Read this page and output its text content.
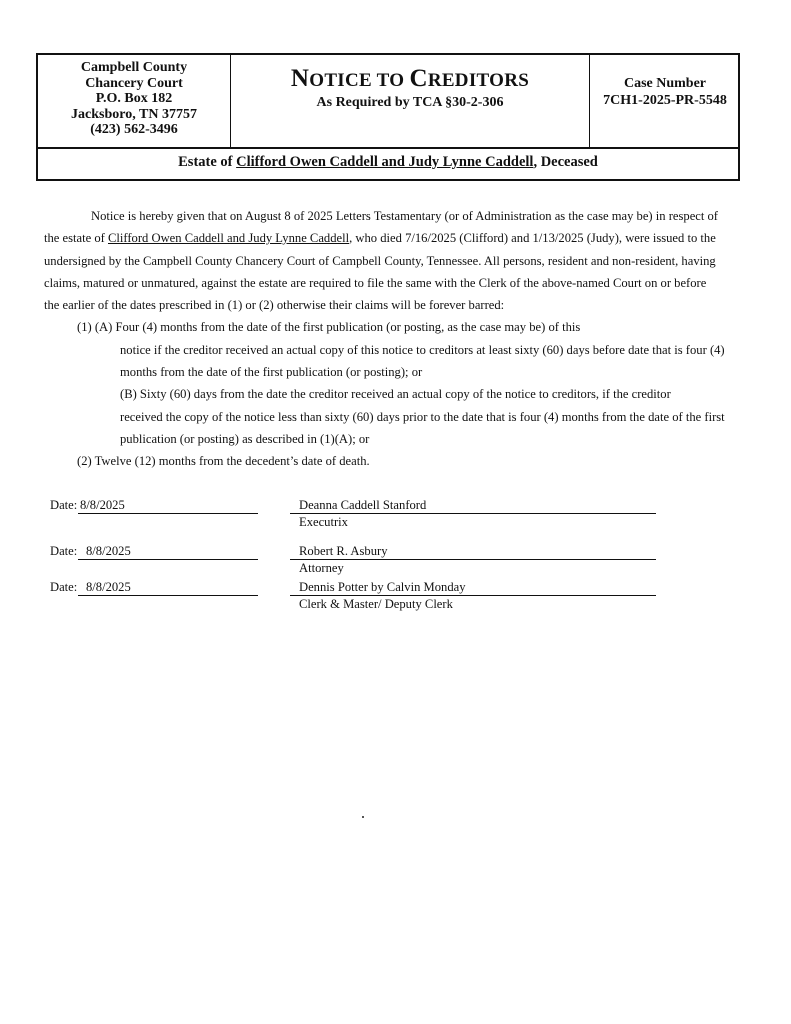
Campbell County
Chancery Court
P.O. Box 182
Jacksboro, TN 37757
(423) 562-3496
NOTICE TO CREDITORS
As Required by TCA §30-2-306
Case Number
7CH1-2025-PR-5548
Estate of Clifford Owen Caddell and Judy Lynne Caddell, Deceased
Notice is hereby given that on August 8 of 2025 Letters Testamentary (or of Administration as the case may be) in respect of
the estate of Clifford Owen Caddell and Judy Lynne Caddell, who died 7/16/2025 (Clifford) and 1/13/2025 (Judy), were issued to the
undersigned by the Campbell County Chancery Court of Campbell County, Tennessee. All persons, resident and non-resident, having
claims, matured or unmatured, against the estate are required to file the same with the Clerk of the above-named Court on or before
the earlier of the dates prescribed in (1) or (2) otherwise their claims will be forever barred:
(1) (A) Four (4) months from the date of the first publication (or posting, as the case may be) of this
notice if the creditor received an actual copy of this notice to creditors at least sixty (60) days before date that is four (4)
months from the date of the first publication (or posting); or
(B) Sixty (60) days from the date the creditor received an actual copy of the notice to creditors, if the creditor
received the copy of the notice less than sixty (60) days prior to the date that is four (4) months from the date of the first
publication (or posting) as described in (1)(A); or
(2) Twelve (12) months from the decedent’s date of death.
Date: 8/8/2025	Deanna Caddell Stanford
Executrix
Date: 8/8/2025	Robert R. Asbury
Attorney
Date: 8/8/2025	Dennis Potter by Calvin Monday
Clerk & Master/ Deputy Clerk
